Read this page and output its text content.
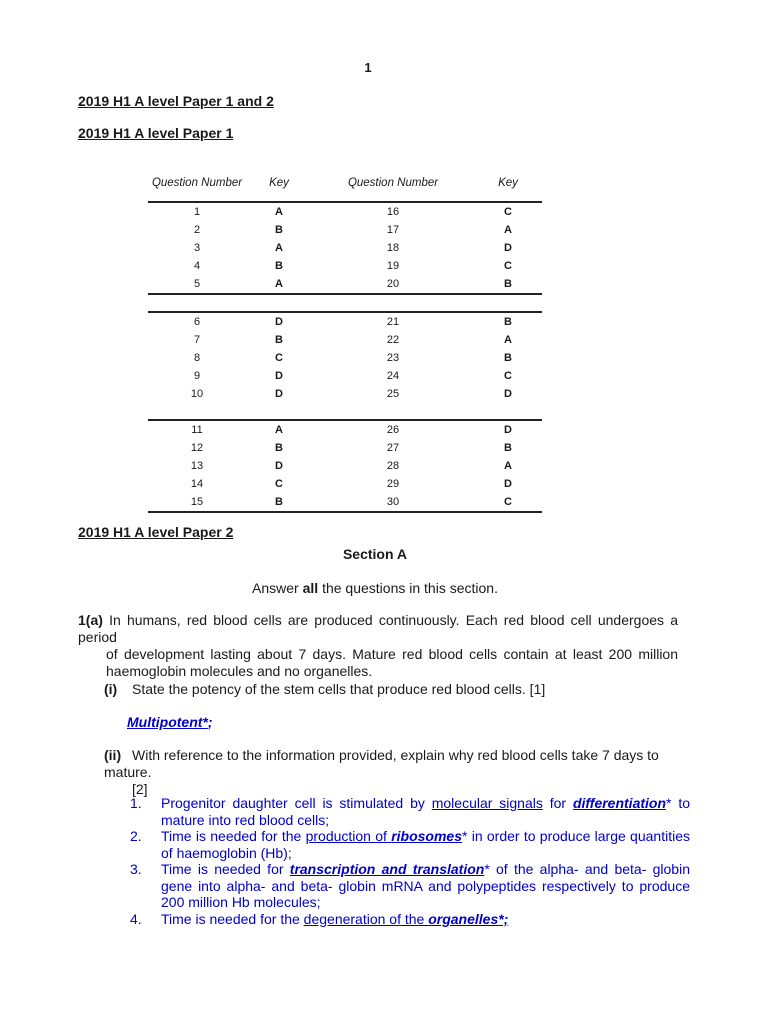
1
2019 H1 A level Paper 1 and 2
2019 H1 A level Paper 1
Question Number	Key	Question Number	Key
1	A	16	C
2	B	17	A
3	A	18	D
4	B	19	C
5	A	20	B

6	D	21	B
7	B	22	A
8	C	23	B
9	D	24	C
10	D	25	D

11	A	26	D
12	B	27	B
13	D	28	A
14	C	29	D
15	B	30	C
2019 H1 A level Paper 2
Section A
Answer all the questions in this section.
1(a) In humans, red blood cells are produced continuously. Each red blood cell undergoes a period
of development lasting about 7 days. Mature red blood cells contain at least 200 million haemoglobin molecules and no organelles.
(i) State the potency of the stem cells that produce red blood cells. [1]
Multipotent*;
(ii) With reference to the information provided, explain why red blood cells take 7 days to mature.
[2]
1. Progenitor daughter cell is stimulated by molecular signals for differentiation* to mature into red blood cells;
2. Time is needed for the production of ribosomes* in order to produce large quantities of haemoglobin (Hb);
3. Time is needed for transcription and translation* of the alpha- and beta- globin gene into alpha- and beta- globin mRNA and polypeptides respectively to produce 200 million Hb molecules;
4. Time is needed for the degeneration of the organelles*;
